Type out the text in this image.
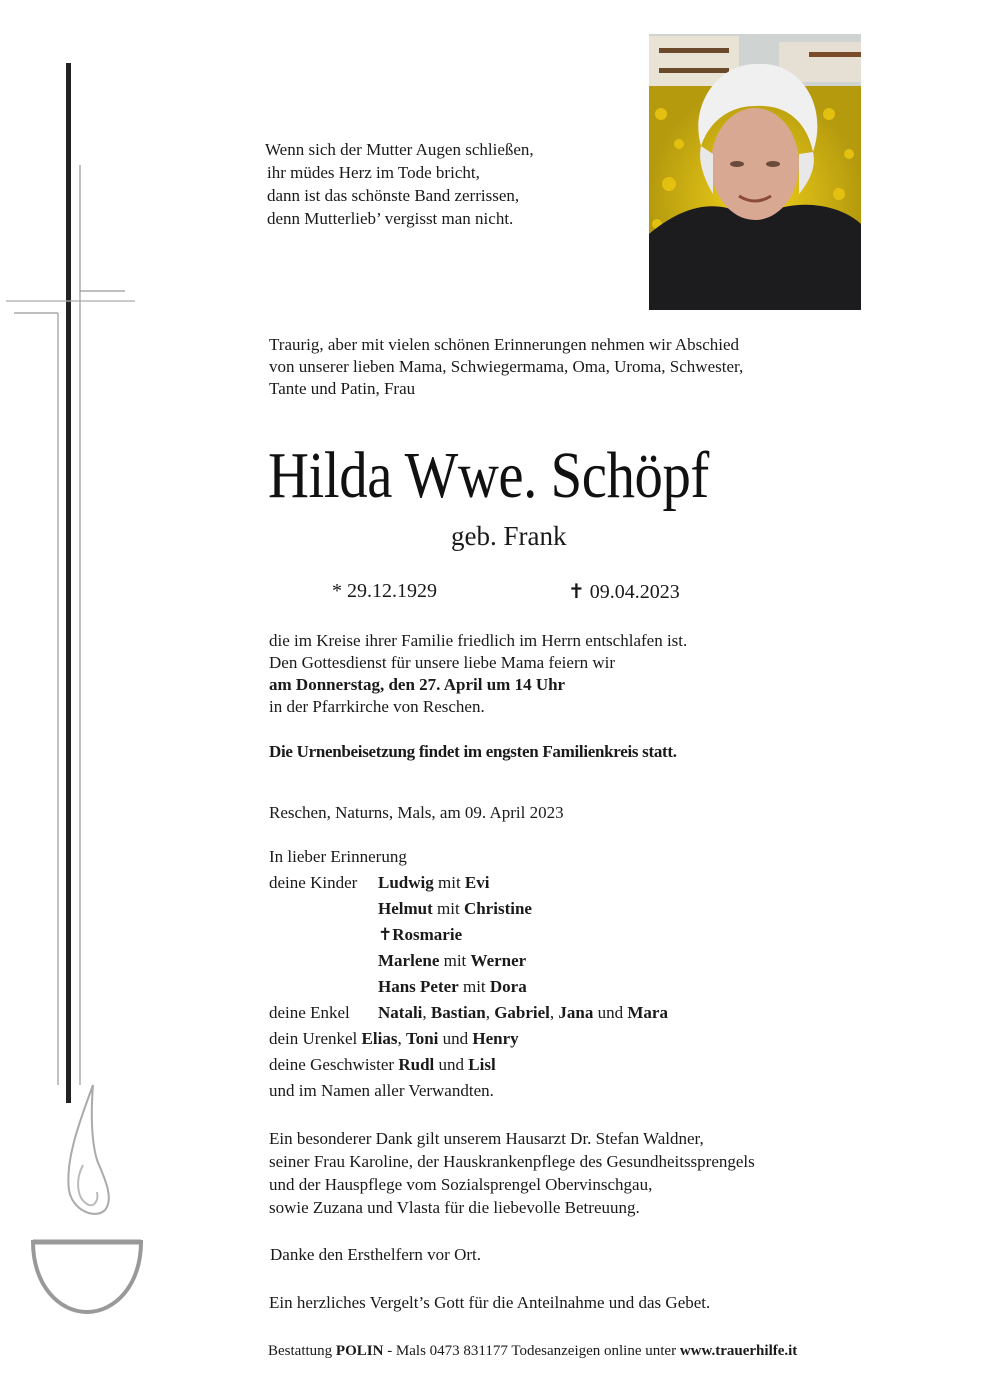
Wenn sich der Mutter Augen schließen,
ihr müdes Herz im Tode bricht,
dann ist das schönste Band zerrissen,
denn Mutterlieb’ vergisst man nicht.
Traurig, aber mit vielen schönen Erinnerungen nehmen wir Abschied
von unserer lieben Mama, Schwiegermama, Oma, Uroma, Schwester,
Tante und Patin, Frau
Hilda Wwe. Schöpf
geb. Frank
* 29.12.1929	✝ 09.04.2023
die im Kreise ihrer Familie friedlich im Herrn entschlafen ist.
Den Gottesdienst für unsere liebe Mama feiern wir
am Donnerstag, den 27. April um 14 Uhr
in der Pfarrkirche von Reschen.
Die Urnenbeisetzung findet im engsten Familienkreis statt.
Reschen, Naturns, Mals, am 09. April 2023
In lieber Erinnerung
deine Kinder Ludwig mit Evi
Helmut mit Christine
✝Rosmarie
Marlene mit Werner
Hans Peter mit Dora
deine Enkel Natali, Bastian, Gabriel, Jana und Mara
dein Urenkel Elias, Toni und Henry
deine Geschwister Rudl und Lisl
und im Namen aller Verwandten.
Ein besonderer Dank gilt unserem Hausarzt Dr. Stefan Waldner,
seiner Frau Karoline, der Hauskrankenpflege des Gesundheitssprengels
und der Hauspflege vom Sozialsprengel Obervinschgau,
sowie Zuzana und Vlasta für die liebevolle Betreuung.
Danke den Ersthelfern vor Ort.
Ein herzliches Vergelt’s Gott für die Anteilnahme und das Gebet.
Bestattung POLIN - Mals 0473 831177 Todesanzeigen online unter www.trauerhilfe.it
